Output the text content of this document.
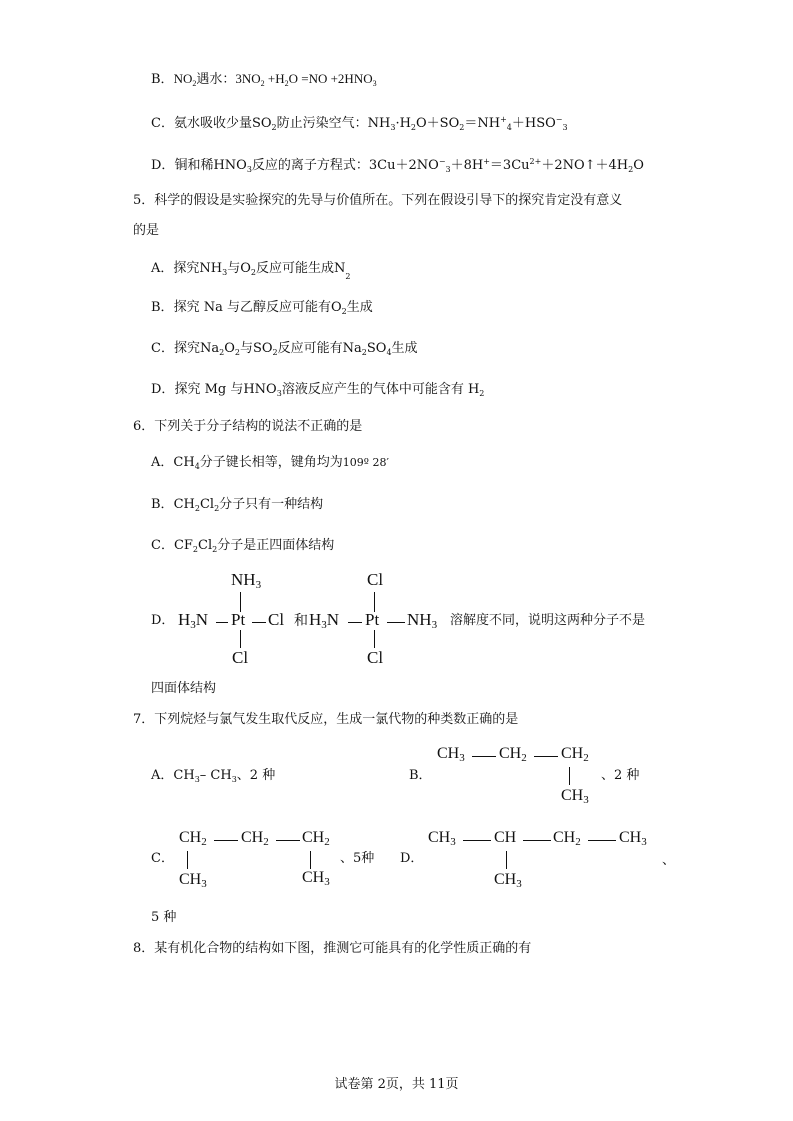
B．$NO_2$遇水：$3NO_2 +H_2O =NO +2HNO_3$
C．氨水吸收少量$SO_2$防止污染空气：$NH_3\cdot H_2O+SO_2=NH^+_4+HSO^-_3$
D．铜和稀$HNO_3$反应的离子方程式：$3Cu+2NO^-_3+8H^+=3Cu^{2+}+2NO↑+4H_2O$
5．科学的假设是实验探究的先导与价值所在。下列在假设引导下的探究肯定没有意义
的是
A．探究$NH_3$与$O_2$反应可能生成$N_2$
B．探究 Na 与乙醇反应可能有$O_2$生成
C．探究$Na_2O_2$与$SO_2$反应可能有$Na_2SO_4$生成
D．探究 Mg 与$HNO_3$溶液反应产生的气体中可能含有 $H_2$
6．下列关于分子结构的说法不正确的是
A．$CH_4$分子键长相等，键角均为109º 28′
B．$CH_2Cl_2$分子只有一种结构
C．$CF_2Cl_2$分子是正四面体结构
D．
$NH_3$
$H_3N$ Pt Cl
Cl
和
Cl
$H_3N$ Pt $NH_3$
Cl
溶解度不同，说明这两种分子不是
四面体结构
7．下列烷烃与氯气发生取代反应，生成一氯代物的种类数正确的是
A．$CH_3-$ $CH_3$、2 种	B．
$CH_3$ $CH_2$ $CH_2$
$CH_3$
、2 种
C．
$CH_2$ $CH_2$ $CH_2$
$CH_3$	$CH_3$
、5种 D．
$CH_3$ CH $CH_2$ $CH_3$
$CH_3$
、
5 种
8．某有机化合物的结构如下图，推测它可能具有的化学性质正确的有
试卷第 2页，共 11页
